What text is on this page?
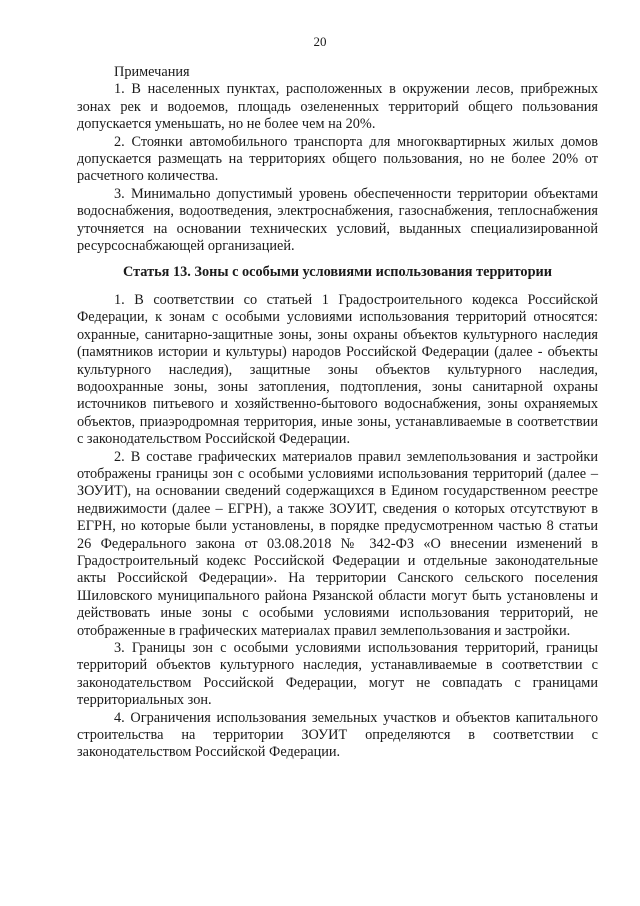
20

Примечания

1. В населенных пунктах, расположенных в окружении лесов, прибрежных зонах рек и водоемов, площадь озелененных территорий общего пользования допускается уменьшать, но не более чем на 20%.

2. Стоянки автомобильного транспорта для многоквартирных жилых домов допускается размещать на территориях общего пользования, но не более 20% от расчетного количества.

3. Минимально допустимый уровень обеспеченности территории объектами водоснабжения, водоотведения, электроснабжения, газоснабжения, теплоснабжения уточняется на основании технических условий, выданных специализированной ресурсоснабжающей организацией.

Статья 13. Зоны с особыми условиями использования территории

1. В соответствии со статьей 1 Градостроительного кодекса Российской Федерации, к зонам с особыми условиями использования территорий относятся: охранные, санитарно-защитные зоны, зоны охраны объектов культурного наследия (памятников истории и культуры) народов Российской Федерации (далее - объекты культурного наследия), защитные зоны объектов культурного наследия, водоохранные зоны, зоны затопления, подтопления, зоны санитарной охраны источников питьевого и хозяйственно-бытового водоснабжения, зоны охраняемых объектов, приаэродромная территория, иные зоны, устанавливаемые в соответствии с законодательством Российской Федерации.

2. В составе графических материалов правил землепользования и застройки отображены границы зон с особыми условиями использования территорий (далее – ЗОУИТ), на основании сведений содержащихся в Едином государственном реестре недвижимости (далее – ЕГРН), а также ЗОУИТ, сведения о которых отсутствуют в ЕГРН, но которые были установлены, в порядке предусмотренном частью 8 статьи 26 Федерального закона от 03.08.2018 № 342-ФЗ «О внесении изменений в Градостроительный кодекс Российской Федерации и отдельные законодательные акты Российской Федерации». На территории Санского сельского поселения Шиловского муниципального района Рязанской области могут быть установлены и действовать иные зоны с особыми условиями использования территорий, не отображенные в графических материалах правил землепользования и застройки.

3. Границы зон с особыми условиями использования территорий, границы территорий объектов культурного наследия, устанавливаемые в соответствии с законодательством Российской Федерации, могут не совпадать с границами территориальных зон.

4. Ограничения использования земельных участков и объектов капитального строительства на территории ЗОУИТ определяются в соответствии с законодательством Российской Федерации.
